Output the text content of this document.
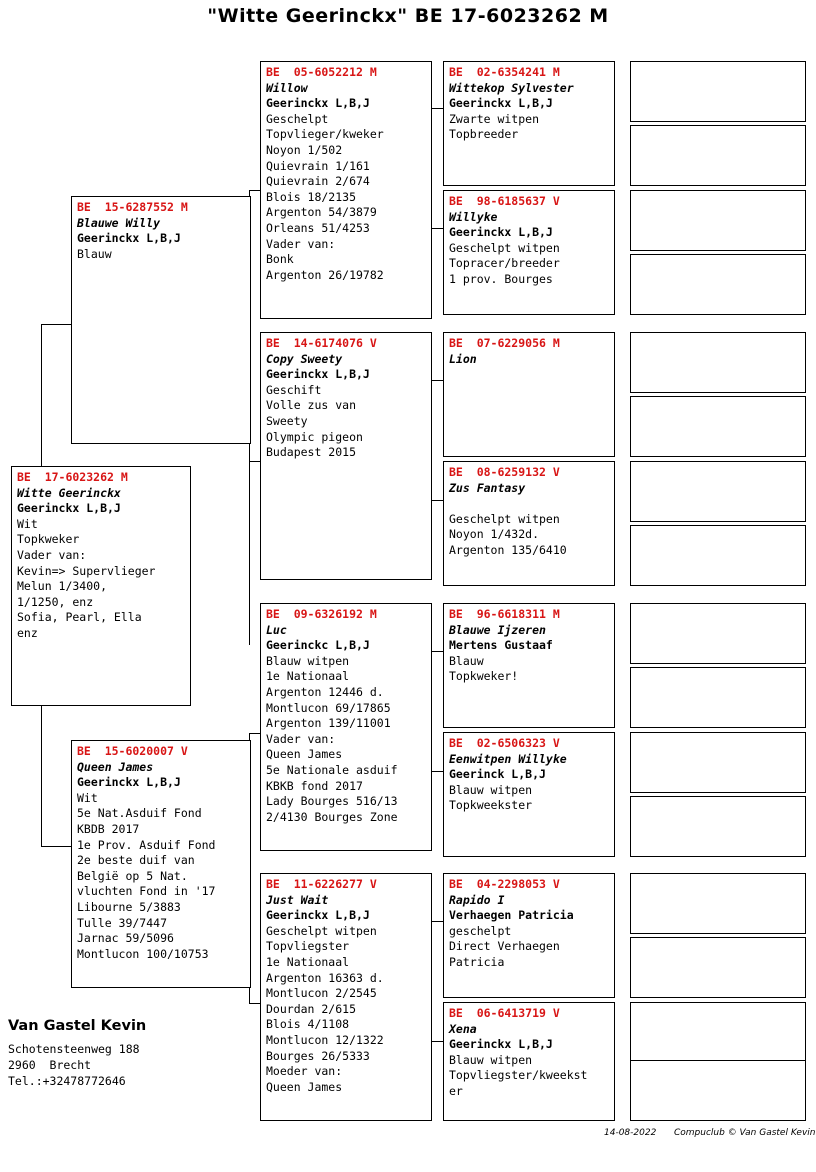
"Witte Geerinckx" BE 17-6023262 M
BE  17-6023262 M
Witte Geerinckx
Geerinckx L,B,J
Wit
Topkweker
Vader van:
Kevin=> Supervlieger
Melun 1/3400,
1/1250, enz
Sofia, Pearl, Ella
enz
BE  15-6287552 M
Blauwe Willy
Geerinckx L,B,J
Blauw
BE  15-6020007 V
Queen James
Geerinckx L,B,J
Wit
5e Nat.Asduif Fond
KBDB 2017
1e Prov. Asduif Fond
2e beste duif van
België op 5 Nat.
vluchten Fond in '17
Libourne 5/3883
Tulle 39/7447
Jarnac 59/5096
Montlucon 100/10753
BE  05-6052212 M
Willow
Geerinckx L,B,J
Geschelpt
Topvlieger/kweker
Noyon 1/502
Quievrain 1/161
Quievrain 2/674
Blois 18/2135
Argenton 54/3879
Orleans 51/4253
Vader van:
Bonk
Argenton 26/19782
BE  14-6174076 V
Copy Sweety
Geerinckx L,B,J
Geschift
Volle zus van
Sweety
Olympic pigeon
Budapest 2015
BE  09-6326192 M
Luc
Geerinckc L,B,J
Blauw witpen
1e Nationaal
Argenton 12446 d.
Montlucon 69/17865
Argenton 139/11001
Vader van:
Queen James
5e Nationale asduif
KBKB fond 2017
Lady Bourges 516/13
2/4130 Bourges Zone
BE  11-6226277 V
Just Wait
Geerinckx L,B,J
Geschelpt witpen
Topvliegster
1e Nationaal
Argenton 16363 d.
Montlucon 2/2545
Dourdan 2/615
Blois 4/1108
Montlucon 12/1322
Bourges 26/5333
Moeder van:
Queen James
BE  02-6354241 M
Wittekop Sylvester
Geerinckx L,B,J
Zwarte witpen
Topbreeder
BE  98-6185637 V
Willyke
Geerinckx L,B,J
Geschelpt witpen
Topracer/breeder
1 prov. Bourges
BE  07-6229056 M
Lion
BE  08-6259132 V
Zus Fantasy

Geschelpt witpen
Noyon 1/432d.
Argenton 135/6410
BE  96-6618311 M
Blauwe Ijzeren
Mertens Gustaaf
Blauw
Topkweker!
BE  02-6506323 V
Eenwitpen Willyke
Geerinck L,B,J
Blauw witpen
Topkweekster
BE  04-2298053 V
Rapido I
Verhaegen Patricia
geschelpt
Direct Verhaegen
Patricia
BE  06-6413719 V
Xena
Geerinckx L,B,J
Blauw witpen
Topvliegster/kweekst
er
Van Gastel Kevin
Schotensteenweg 188
2960  Brecht
Tel.:+32478772646
14-08-2022 Compuclub © Van Gastel Kevin
